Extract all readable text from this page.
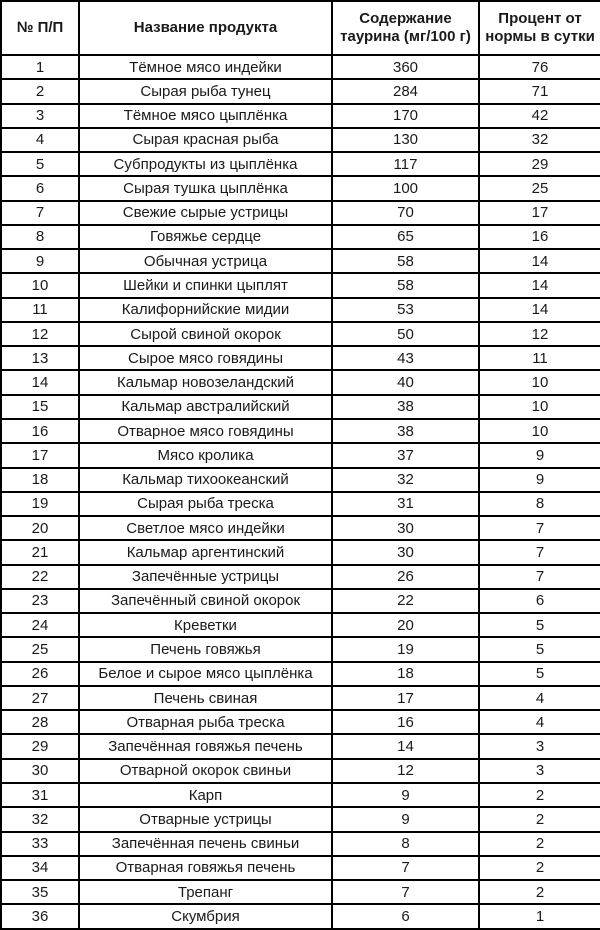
№ П/П	Название продукта	Содержание таурина (мг/100 г)	Процент от нормы в сутки
1	Тёмное мясо индейки	360	76
2	Сырая рыба тунец	284	71
3	Тёмное мясо цыплёнка	170	42
4	Сырая красная рыба	130	32
5	Субпродукты из цыплёнка	117	29
6	Сырая тушка цыплёнка	100	25
7	Свежие сырые устрицы	70	17
8	Говяжье сердце	65	16
9	Обычная устрица	58	14
10	Шейки и спинки цыплят	58	14
11	Калифорнийские мидии	53	14
12	Сырой свиной окорок	50	12
13	Сырое мясо говядины	43	11
14	Кальмар новозеландский	40	10
15	Кальмар австралийский	38	10
16	Отварное мясо говядины	38	10
17	Мясо кролика	37	9
18	Кальмар тихоокеанский	32	9
19	Сырая рыба треска	31	8
20	Светлое мясо индейки	30	7
21	Кальмар аргентинский	30	7
22	Запечённые устрицы	26	7
23	Запечённый свиной окорок	22	6
24	Креветки	20	5
25	Печень говяжья	19	5
26	Белое и сырое мясо цыплёнка	18	5
27	Печень свиная	17	4
28	Отварная рыба треска	16	4
29	Запечённая говяжья печень	14	3
30	Отварной окорок свиньи	12	3
31	Карп	9	2
32	Отварные устрицы	9	2
33	Запечённая печень свиньи	8	2
34	Отварная говяжья печень	7	2
35	Трепанг	7	2
36	Скумбрия	6	1
